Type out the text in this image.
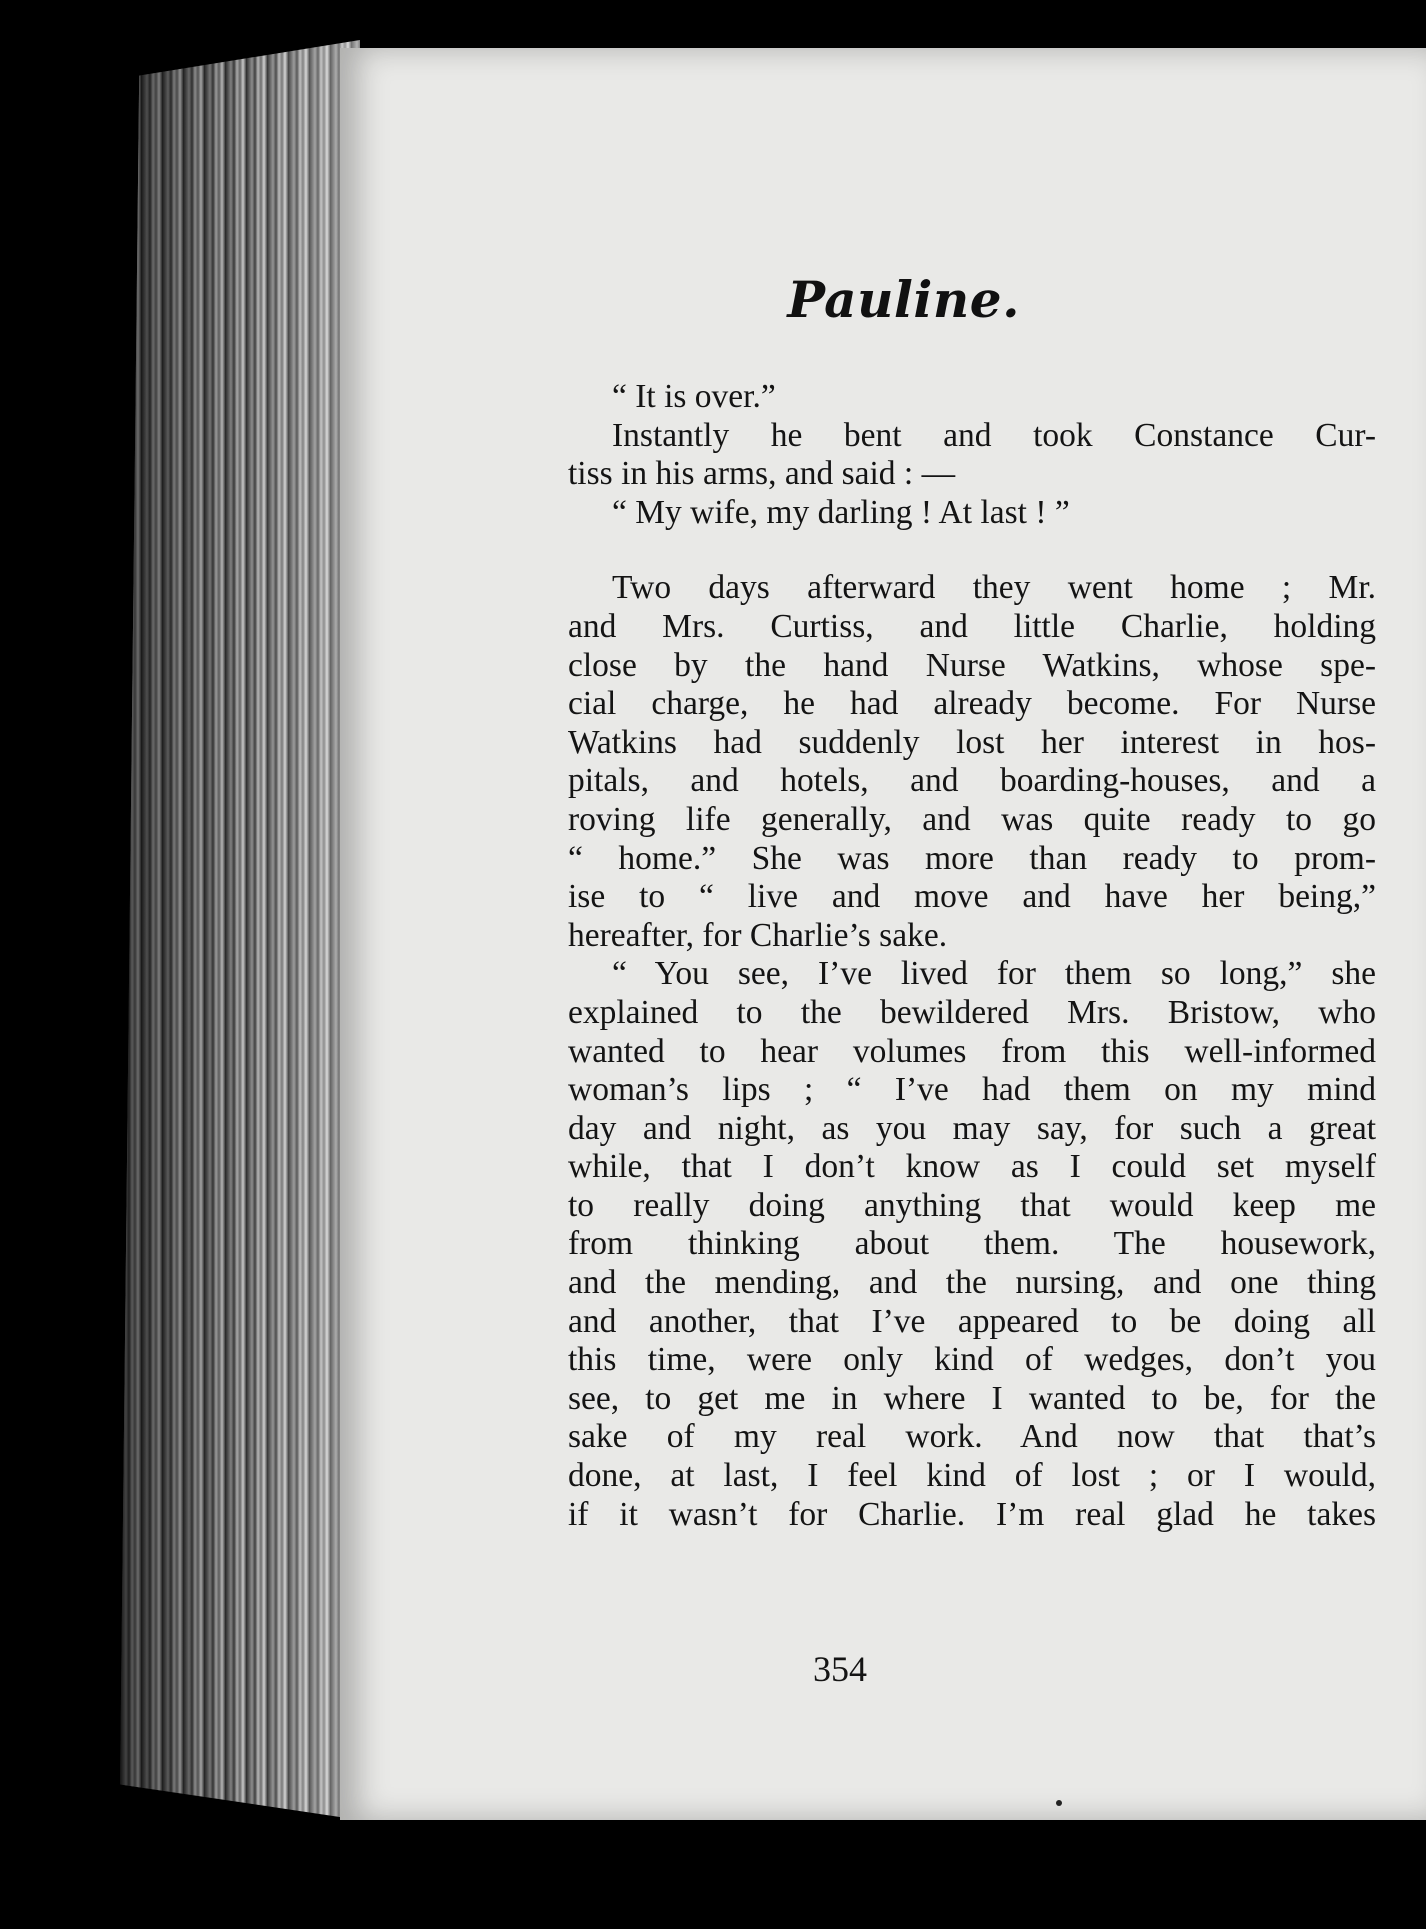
Pauline.
“ It is over.”
Instantly he bent and took Constance Cur-
tiss in his arms, and said : —
“ My wife, my darling ! At last ! ”
Two days afterward they went home ; Mr.
and Mrs. Curtiss, and little Charlie, holding
close by the hand Nurse Watkins, whose spe-
cial charge, he had already become. For Nurse
Watkins had suddenly lost her interest in hos-
pitals, and hotels, and boarding-houses, and a
roving life generally, and was quite ready to go
“ home.” She was more than ready to prom-
ise to “ live and move and have her being,”
hereafter, for Charlie’s sake.
“ You see, I’ve lived for them so long,” she
explained to the bewildered Mrs. Bristow, who
wanted to hear volumes from this well-informed
woman’s lips ; “ I’ve had them on my mind
day and night, as you may say, for such a great
while, that I don’t know as I could set myself
to really doing anything that would keep me
from thinking about them. The housework,
and the mending, and the nursing, and one thing
and another, that I’ve appeared to be doing all
this time, were only kind of wedges, don’t you
see, to get me in where I wanted to be, for the
sake of my real work. And now that that’s
done, at last, I feel kind of lost ; or I would,
if it wasn’t for Charlie. I’m real glad he takes
354
